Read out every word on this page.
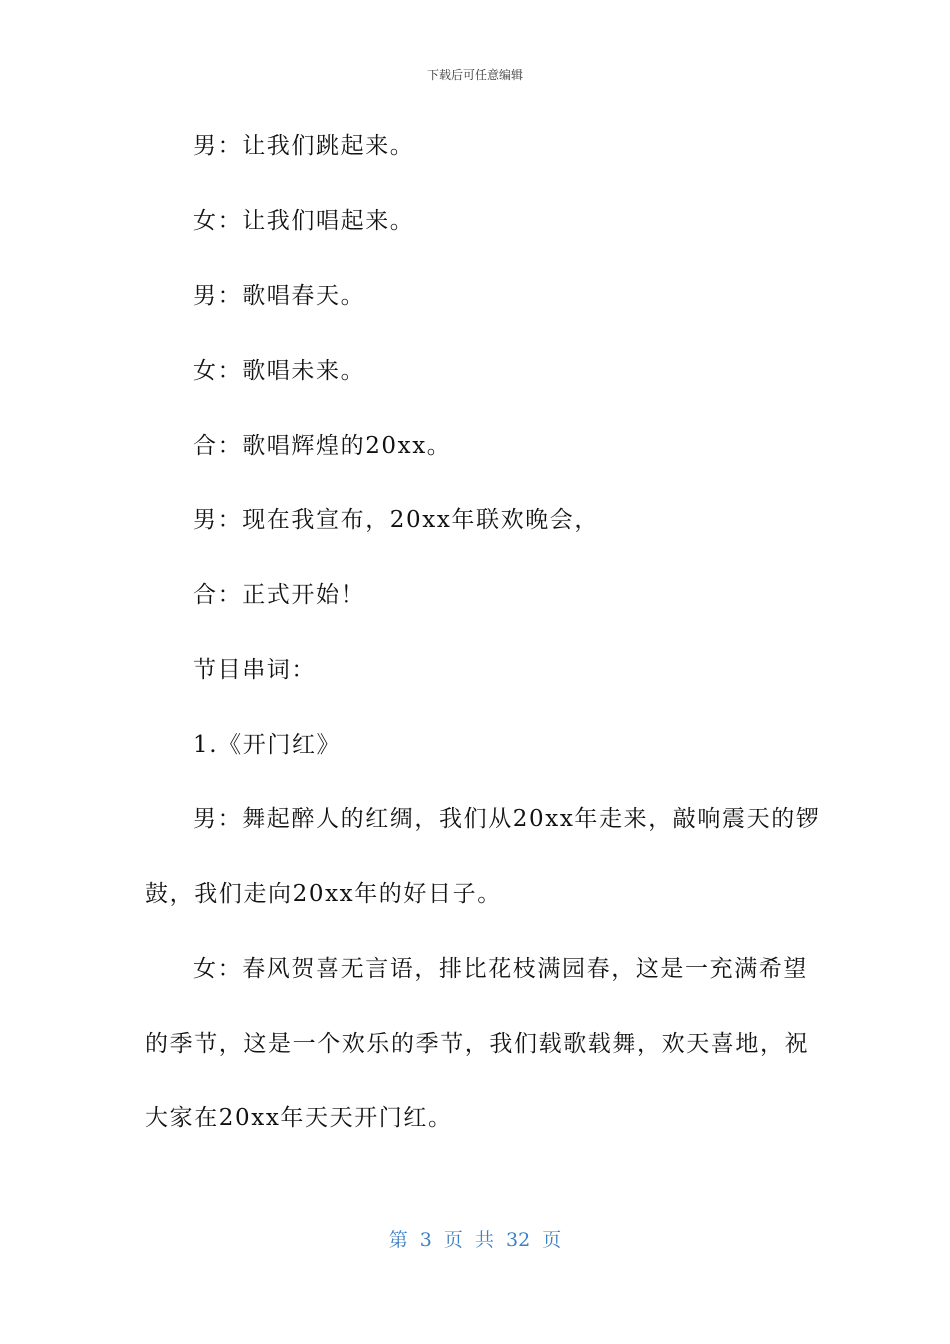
下载后可任意编辑
男：让我们跳起来。
女：让我们唱起来。
男：歌唱春天。
女：歌唱未来。
合：歌唱辉煌的20xx。
男：现在我宣布，20xx年联欢晚会，
合：正式开始！
节目串词：
1.《开门红》
男：舞起醉人的红绸，我们从20xx年走来，敲响震天的锣
鼓，我们走向20xx年的好日子。
女：春风贺喜无言语，排比花枝满园春，这是一充满希望
的季节，这是一个欢乐的季节，我们载歌载舞，欢天喜地，祝
大家在20xx年天天开门红。
第 3 页 共 32 页
